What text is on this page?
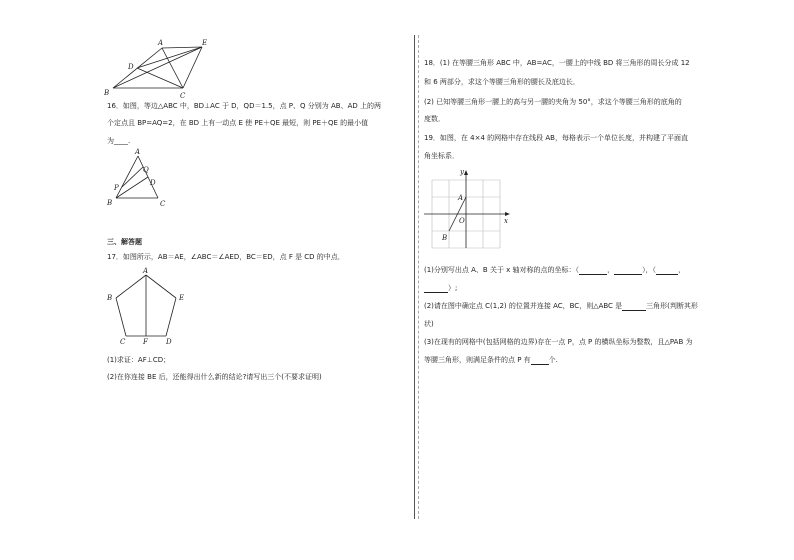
A	E
D
B	C
16．如图，等边△ABC 中，BD⊥AC 于 D，QD＝1.5，点 P、Q 分别为 AB、AD 上的两
个定点且 BP=AQ=2，在 BD 上有一动点 E 使 PE＋QE 最短，则 PE＋QE 的最小值
为____.
A
Q
P
D
B	C
三、解答题
17．如图所示，AB＝AE，∠ABC＝∠AED，BC＝ED，点 F 是 CD 的中点．
A
B	E
C	F	D
(1)求证：AF⊥CD；
(2)在你连接 BE 后，还能得出什么新的结论?请写出三个(不要求证明)
18．(1) 在等腰三角形 ABC 中，AB=AC，一腰上的中线 BD 将三角形的周长分成 12
和 6 两部分，求这个等腰三角形的腰长及底边长．
(2) 已知等腰三角形一腰上的高与另一腰的夹角为 50°，求这个等腰三角形的底角的
度数．
19．如图，在 4×4 的网格中存在线段 AB，每格表示一个单位长度，并构建了平面直
角坐标系．
y
x
O
A
B
(1)分别写出点 A、B 关于 x 轴对称的点的坐标：（	，	），（	，
）;
(2)请在图中确定点 C(1,2) 的位置并连接 AC，BC，则△ABC 是	三角形(判断其形
状)
(3)在现有的网格中(包括网格的边界)存在一点 P，点 P 的横纵坐标为整数，且△PAB 为
等腰三角形，则满足条件的点 P 有	个.
